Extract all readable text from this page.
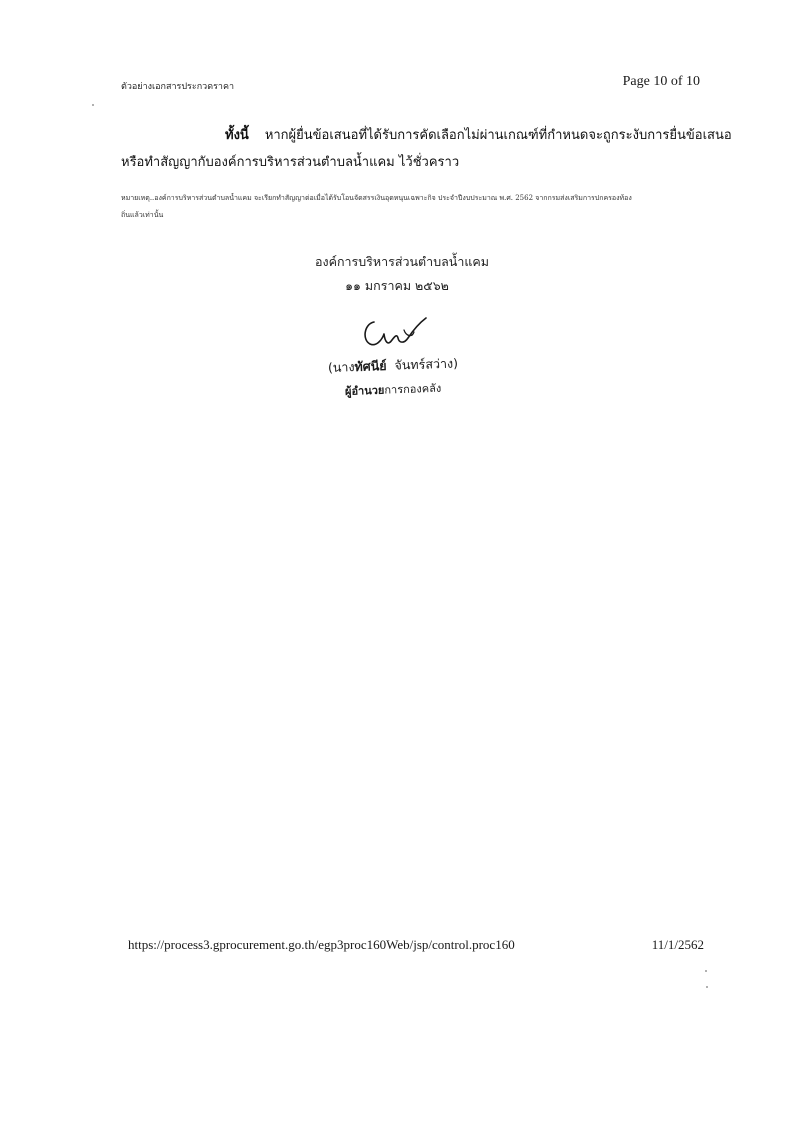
ตัวอย่างเอกสารประกวดราคา	Page 10 of 10
ทั้งนี้ หากผู้ยื่นข้อเสนอที่ได้รับการคัดเลือกไม่ผ่านเกณฑ์ที่กำหนดจะถูกระงับการยื่นข้อเสนอ
หรือทำสัญญากับองค์การบริหารส่วนตำบลน้ำแคม ไว้ชั่วคราว
หมายเหตุ..องค์การบริหารส่วนตำบลน้ำแคม จะเรียกทำสัญญาต่อเมื่อได้รับโอนจัดสรรเงินอุดหนุนเฉพาะกิจ ประจำปีงบประมาณ พ.ศ. 2562 จากกรมส่งเสริมการปกครองท้อง
ถิ่นแล้วเท่านั้น
องค์การบริหารส่วนตำบลน้ำแคม
๑๑ มกราคม ๒๕๖๒
(นางทัศนีย์ จันทร์สว่าง)
ผู้อำนวยการกองคลัง
https://process3.gprocurement.go.th/egp3proc160Web/jsp/control.proc160	11/1/2562
